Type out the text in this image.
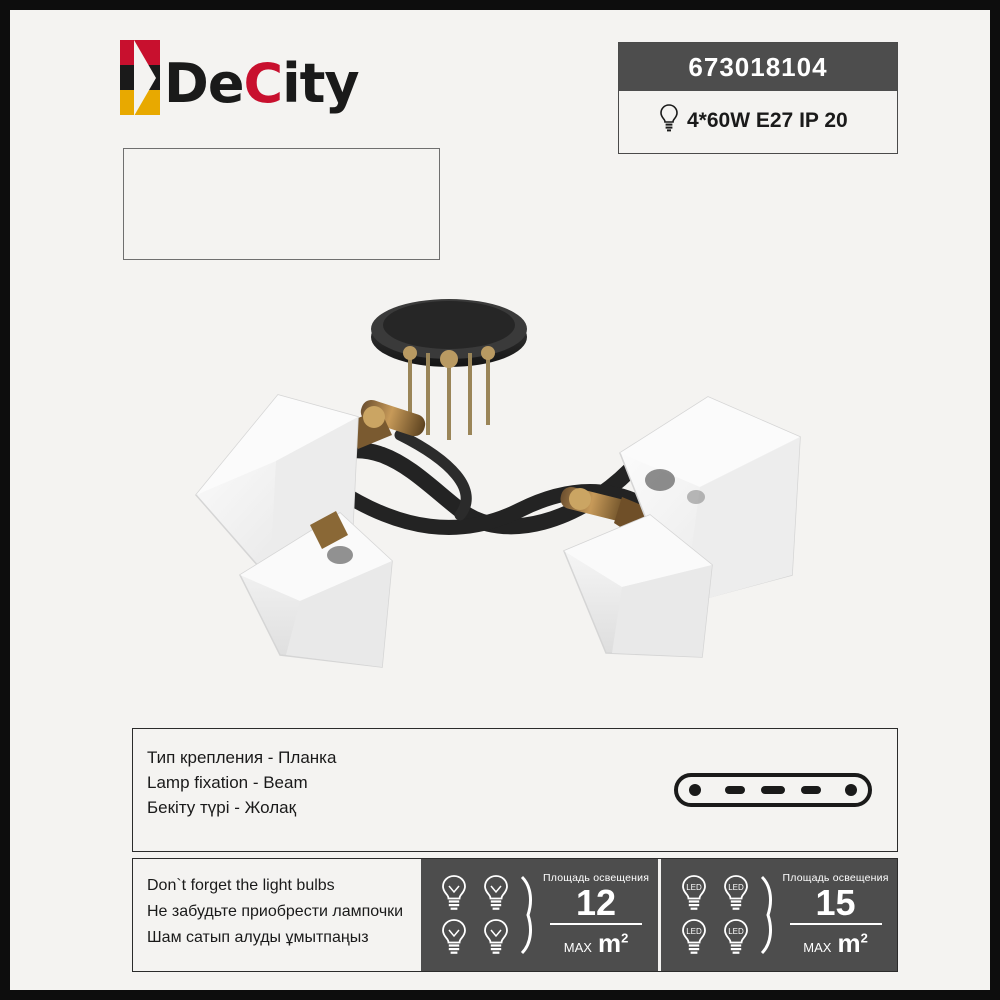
DeCity	673018104
4*60W E27 IP 20
Тип крепления - Планка
Lamp fixation - Beam
Бекіту түрі - Жолақ
Don`t forget the light bulbs
Не забудьте приобрести лампочки
Шам сатып алуды ұмытпаңыз
Площадь освещения
12
MAX $m^2$
LED	LED
LED	LED
Площадь освещения
15
MAX $m^2$
